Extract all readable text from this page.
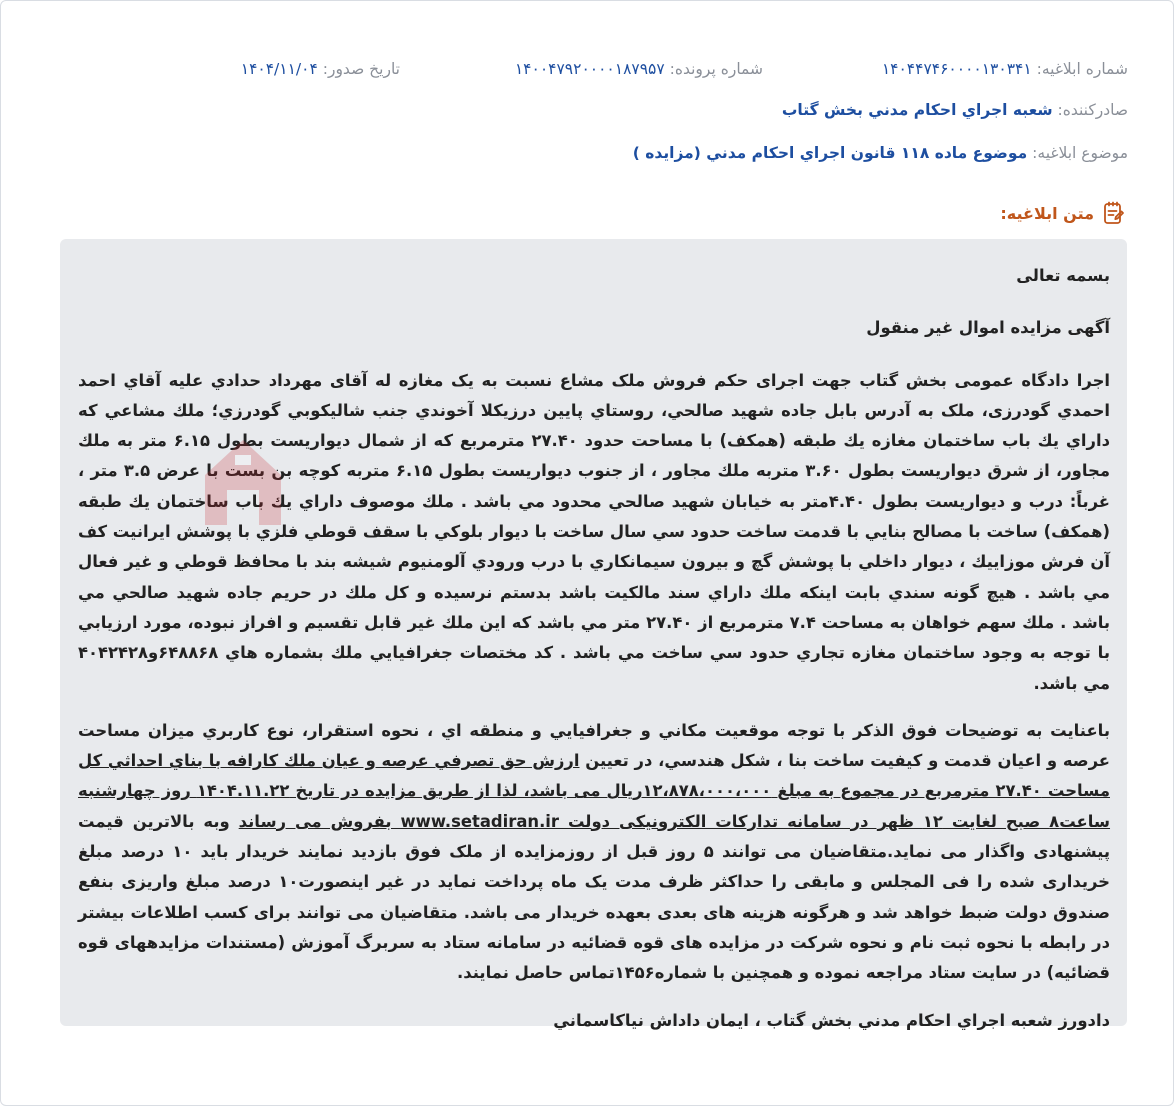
شماره ابلاغیه: ۱۴۰۴۴۷۴۶۰۰۰۰۱۳۰۳۴۱
شماره پرونده: ۱۴۰۰۴۷۹۲۰۰۰۰۱۸۷۹۵۷
تاریخ صدور: ۱۴۰۴/۱۱/۰۴
صادرکننده: شعبه اجراي احكام مدني بخش گتاب
موضوع ابلاغیه: موضوع ماده ۱۱۸ قانون اجراي احكام مدني (مزايده )
متن ابلاغیه:

بسمه تعالی

آگهی مزایده اموال غیر منقول

اجرا دادگاه عمومی بخش گتاب جهت اجرای حکم فروش ملک مشاع نسبت به یک مغازه له آقای مهرداد حدادي عليه آقاي احمد احمدي گودرزی، ملک به آدرس بابل جاده شهيد صالحي، روستاي پايين درزيكلا آخوندي جنب شاليكوبي گودرزي؛ ملك مشاعي كه داراي يك باب ساختمان مغازه يك طبقه (همكف) با مساحت حدود ۲۷.۴۰ مترمربع كه از شمال ديواريست بطول ۶.۱۵ متر به ملك مجاور، از شرق ديواريست بطول ۳.۶۰ متربه ملك مجاور ، از جنوب ديواريست بطول ۶.۱۵ متربه كوچه بن بست با عرض ۳.۵ متر ، غرباً: درب و ديواريست بطول ۴.۴۰متر به خيابان شهيد صالحي محدود مي باشد . ملك موصوف داراي يك باب ساختمان يك طبقه (همكف) ساخت با مصالح بنايي با قدمت ساخت حدود سي سال ساخت با ديوار بلوكي با سقف قوطي فلزي با پوشش ايرانيت كف آن فرش موزاييك ، ديوار داخلي با پوشش گچ و بيرون سيمانكاري با درب ورودي آلومنيوم شيشه بند با محافظ قوطي و غير فعال مي باشد . هيچ گونه سندي بابت اينكه ملك داراي سند مالكيت باشد بدستم نرسيده و كل ملك در حريم جاده شهيد صالحي مي باشد . ملك سهم خواهان به مساحت ۷.۴ مترمربع از ۲۷.۴۰ متر مي باشد كه اين ملك غير قابل تقسيم و افراز نبوده، مورد ارزيابي با توجه به وجود ساختمان مغازه تجاري حدود سي ساخت مي باشد . كد مختصات جغرافيايي ملك بشماره هاي ۶۴۸۸۶۸و۴۰۴۲۴۲۸ مي باشد.

باعنايت به توضيحات فوق الذكر با توجه موقعيت مكاني و جغرافيايي و منطقه اي ، نحوه استقرار، نوع كاربري ميزان مساحت عرصه و اعيان قدمت و كيفيت ساخت بنا ، شكل هندسي، در تعيين ارزش حق تصرفي عرصه و عيان ملك كارافه با بناي احداثي كل مساحت ۲۷.۴۰ مترمربع در مجموع به مبلغ ۱۲،۸۷۸،۰۰۰،۰۰۰ريال می باشد، لذا از طریق مزایده در تاریخ ۱۴۰۴.۱۱.۲۲ روز چهارشنبه ساعت۸ صبح لغایت ۱۲ ظهر در سامانه تدارکات الکترونیکی دولت www.setadiran.ir بفروش می رساند وبه بالاترین قیمت پیشنهادی واگذار می نماید.متقاضیان می توانند ۵ روز قبل از روزمزایده از ملک فوق بازدید نمایند خریدار باید ۱۰ درصد مبلغ خریداری شده را فی المجلس و مابقی را حداکثر ظرف مدت یک ماه پرداخت نماید در غیر اینصورت۱۰ درصد مبلغ واریزی بنفع صندوق دولت ضبط خواهد شد و هرگونه هزینه های بعدی بعهده خریدار می باشد. متقاضیان می توانند برای کسب اطلاعات بیشتر در رابطه با نحوه ثبت نام و نحوه شرکت در مزایده های قوه قضائیه در سامانه ستاد به سربرگ آموزش (مستندات مزایدههای قوه قضائیه) در سایت ستاد مراجعه نموده و همچنین با شماره۱۴۵۶تماس حاصل نمایند.

دادورز شعبه اجراي احكام مدني بخش گتاب ، ايمان داداش نياكاسماني
